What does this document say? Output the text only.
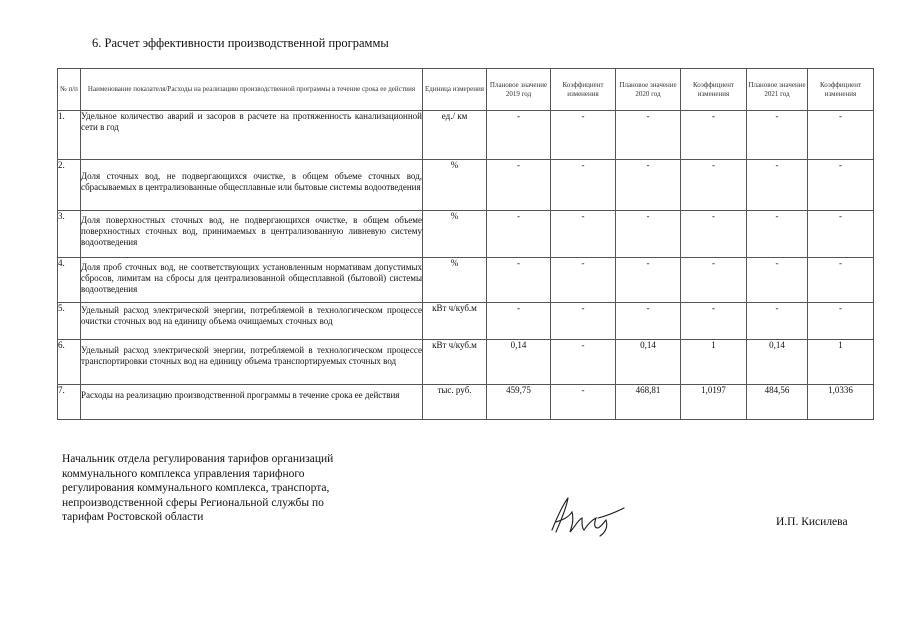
6. Расчет эффективности производственной программы
№ п/п	Наименование показателя/Расходы на реализацию производственной программы в течение срока ее действия	Единица измерения	Плановое значение 2019 год	Коэффициент изменения	Плановое значение 2020 год	Коэффициент изменения	Плановое значение 2021 год	Коэффициент изменения
1.	Удельное количество аварий и засоров в расчете на протяженность канализационной сети в год	ед./ км	-	-	-	-	-	-
2.	Доля сточных вод, не подвергающихся очистке, в общем объеме сточных вод, сбрасываемых в централизованные общесплавные или бытовые системы водоотведения	%	-	-	-	-	-	-
3.	Доля поверхностных сточных вод, не подвергающихся очистке, в общем объеме поверхностных сточных вод, принимаемых в централизованную ливневую систему водоотведения	%	-	-	-	-	-	-
4.	Доля проб сточных вод, не соответствующих установленным нормативам допустимых сбросов, лимитам на сбросы для централизованной общесплавной (бытовой) системы водоотведения	%	-	-	-	-	-	-
5.	Удельный расход электрической энергии, потребляемой в технологическом процессе очистки сточных вод на единицу объема очищаемых сточных вод	кВт ч/куб.м	-	-	-	-	-	-
6.	Удельный расход электрической энергии, потребляемой в технологическом процессе транспортировки сточных вод на единицу объема транспортируемых сточных вод	кВт ч/куб.м	0,14	-	0,14	1	0,14	1
7.	Расходы на реализацию производственной программы в течение срока ее действия	тыс. руб.	459,75	-	468,81	1,0197	484,56	1,0336
Начальник отдела регулирования тарифов организаций
коммунального комплекса управления тарифного
регулирования коммунального комплекса, транспорта,
непроизводственной сферы Региональной службы по
тарифам Ростовской области	И.П. Кисилева
